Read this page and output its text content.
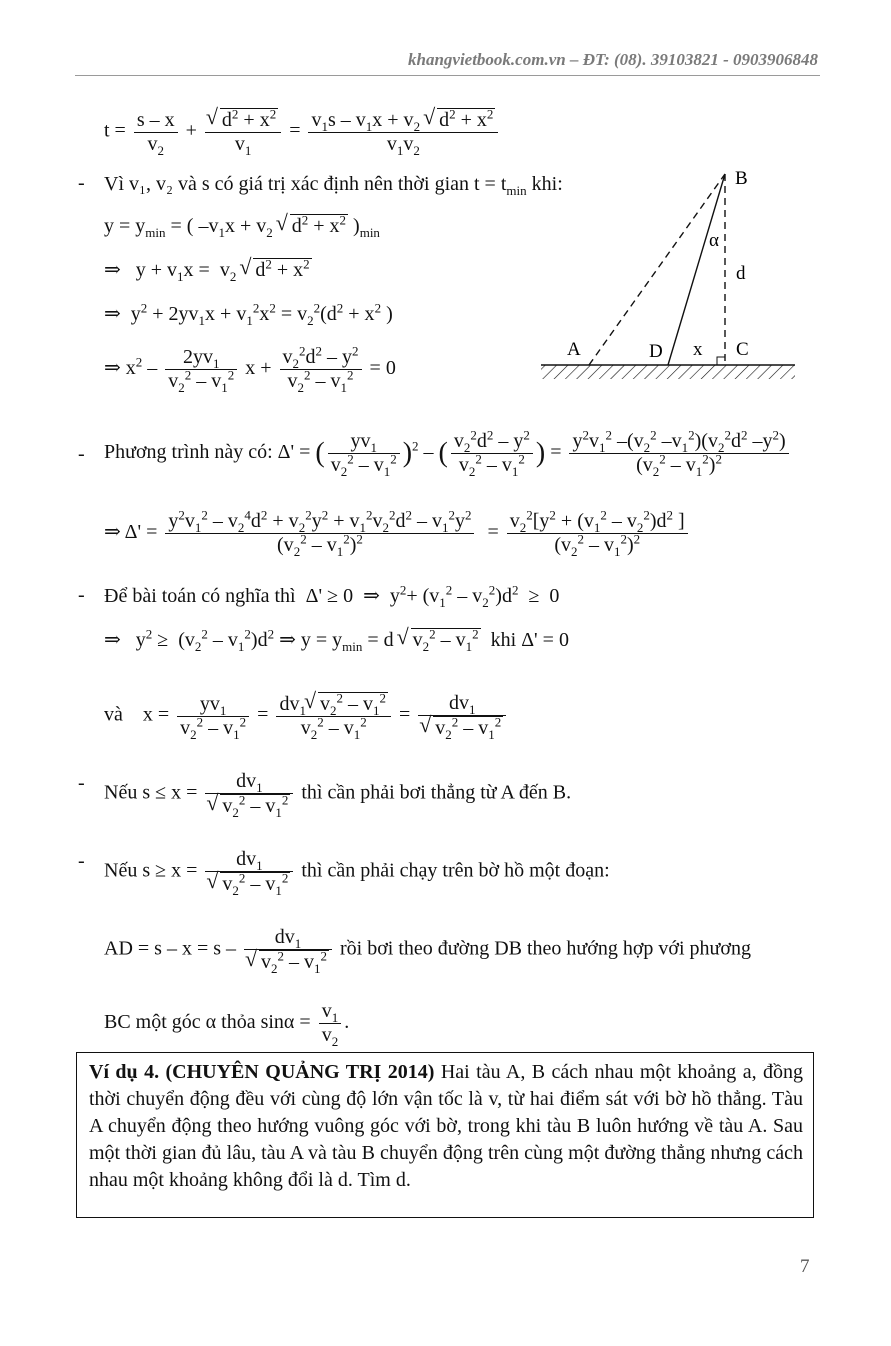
khangvietbook.com.vn – ĐT: (08). 39103821 - 0903906848
$t = \frac{s - x}{v_2}$ + √ $\frac{d^2 + x^2}{v_1} = \frac{v_1s - v_1x + v_2 √ d^2 + x^2}{v_1v_2}$
- Vì v₁, v₂ và s có giá trị xác định nên thời gian $t = t_{min}$ khi:
$y = y_{min}$ = ( $-v_1x + v_2$ √ $d^2 + x^2$ )$_{min}$
⇒   $y + v_1x = v_2$ √ $d^2 + x^2$
⇒  $y^2 + 2yv_1x + v_1^2x^2 = v_2^2(d^2 + x^2$ )
⇒ $x^2 - \frac{2yv_1}{v_2^2 - v_1^2}$ $x + \frac{v_2^2d^2 - y^2}{v_2^2 - v_1^2} = 0$
B
α
d
A	D x C
- Phương trình này có: Δ' = ( $\frac{yv_1}{v_2^2 - v_1^2} )^2$ – ( $\frac{v_2^2d^2 - y^2}{v_2^2 - v_1^2}$ ) = $\frac{y^2v_1^2 -(v_2^2 -v_1^2)(v_2^2d^2 -y^2)}{(v_2^2 - v_1^2)^2}$
⇒ $\Delta' = \frac{y^2v_1^2 - v_2^4d^2 + v_2^2y^2 + v_1^2v_2^2d^2 - v_1^2y^2}{(v_2^2 - v_1^2)^2} = \frac{v_2^2[y^2 + (v_1^2 - v_2^2)d^2 ]}{(v_2^2 - v_1^2)^2}$
- Để bài toán có nghĩa thì  Δ' ≥ 0  ⇒  $y^2+ (v_1^2 - v_2^2)d^2 \ge 0$
⇒   $y^2 \ge (v_2^2 - v_1^2)d^2$ ⇒ $y = y_{min} = d$ √ $v_2^2 - v_1^2$ khi Δ' = 0
và    $x = \frac{yv_1}{v_2^2 - v_1^2} = \frac{dv_1 √ v_2^2 - v_1^2}{v_2^2 - v_1^2} = dv_1$
√ $v_2^2 - v_1^2$
- Nếu $s \le x = dv_1$
√ $v_2^2 - v_1^2$ thì cần phải bơi thẳng từ A đến B.
- Nếu $s \ge x = dv_1$
√ $v_2^2 - v_1^2$ thì cần phải chạy trên bờ hồ một đoạn:
AD = $s - x = s - dv_1$
√ $v_2^2 - v_1^2$ rồi bơi theo đường DB theo hướng hợp với phương
BC một góc α thỏa $\sin\alpha = \frac{v_1}{v_2}$ .

Ví dụ 4. (CHUYÊN QUẢNG TRỊ 2014) Hai tàu A, B cách nhau một khoảng a, đồng thời chuyển động đều với cùng độ lớn vận tốc là v, từ hai điểm sát với bờ hồ thẳng. Tàu A chuyển động theo hướng vuông góc với bờ, trong khi tàu B luôn hướng về tàu A. Sau một thời gian đủ lâu, tàu A và tàu B chuyển động trên cùng một đường thẳng nhưng cách nhau một khoảng không đổi là d. Tìm d.

7
